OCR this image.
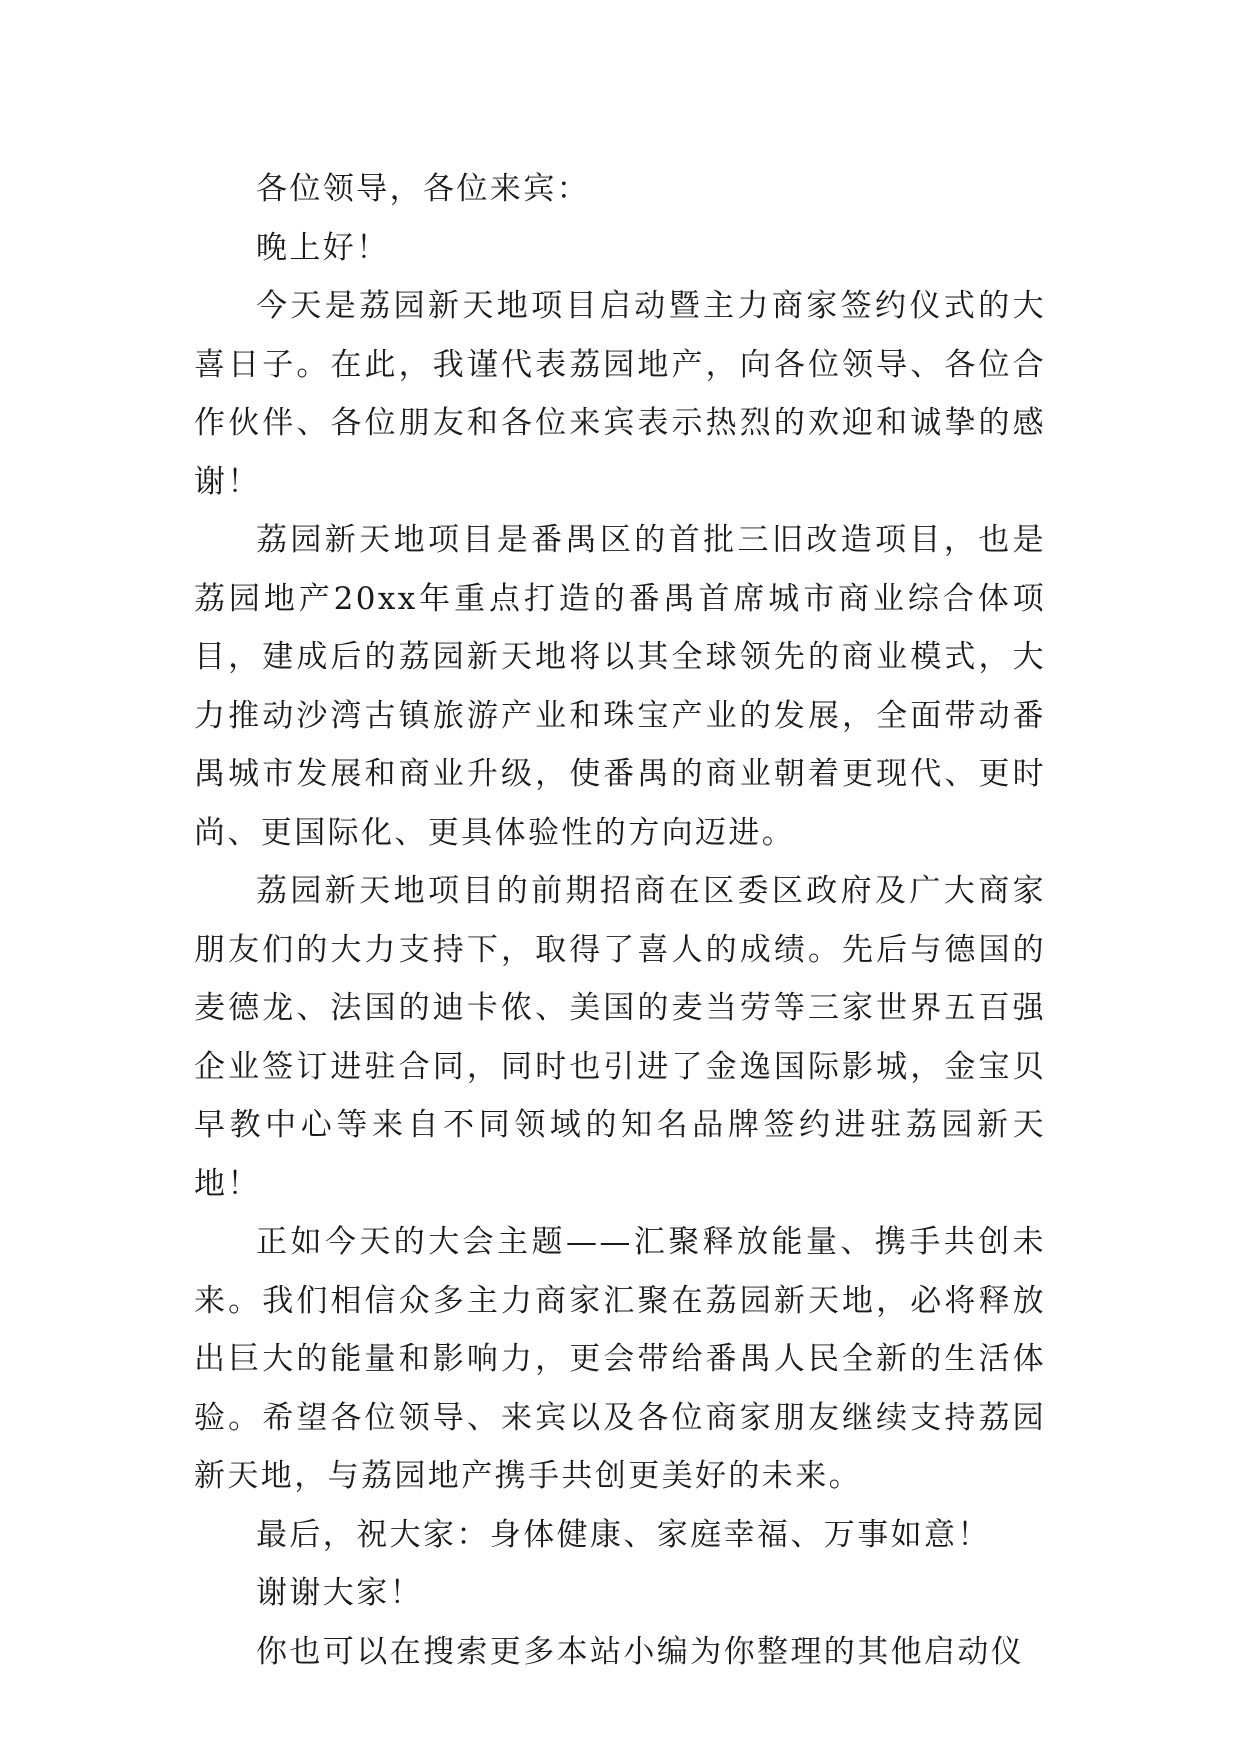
各位领导，各位来宾：

晚上好！

今天是荔园新天地项目启动暨主力商家签约仪式的大喜日子。在此，我谨代表荔园地产，向各位领导、各位合作伙伴、各位朋友和各位来宾表示热烈的欢迎和诚挚的感谢！

荔园新天地项目是番禺区的首批三旧改造项目，也是荔园地产20xx年重点打造的番禺首席城市商业综合体项目，建成后的荔园新天地将以其全球领先的商业模式，大力推动沙湾古镇旅游产业和珠宝产业的发展，全面带动番禺城市发展和商业升级，使番禺的商业朝着更现代、更时尚、更国际化、更具体验性的方向迈进。

荔园新天地项目的前期招商在区委区政府及广大商家朋友们的大力支持下，取得了喜人的成绩。先后与德国的麦德龙、法国的迪卡侬、美国的麦当劳等三家世界五百强企业签订进驻合同，同时也引进了金逸国际影城，金宝贝早教中心等来自不同领域的知名品牌签约进驻荔园新天地！

正如今天的大会主题——汇聚释放能量、携手共创未来。我们相信众多主力商家汇聚在荔园新天地，必将释放出巨大的能量和影响力，更会带给番禺人民全新的生活体验。希望各位领导、来宾以及各位商家朋友继续支持荔园新天地，与荔园地产携手共创更美好的未来。

最后，祝大家：身体健康、家庭幸福、万事如意！

谢谢大家！

你也可以在搜索更多本站小编为你整理的其他启动仪
